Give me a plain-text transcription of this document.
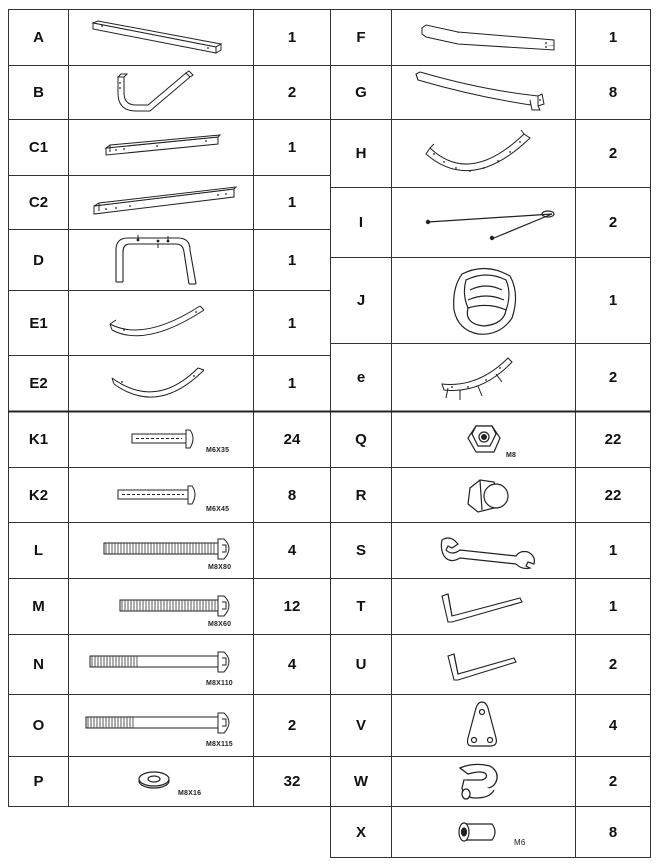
A	1
B	2
C1	1
C2	1
D	1
E1	1
E2	1
F	1
G	8
H	2
I	2
J	1
e	2
K1	24
M6X35
K2	8
M6X45
L	4
M8X80
M	12
M8X60
N	4
M8X110
O	2
M8X115
P	32
M8X16
Q	22
M8
R	22
S	1
T	1
U	2
V	4
W	2
X	8
M6
